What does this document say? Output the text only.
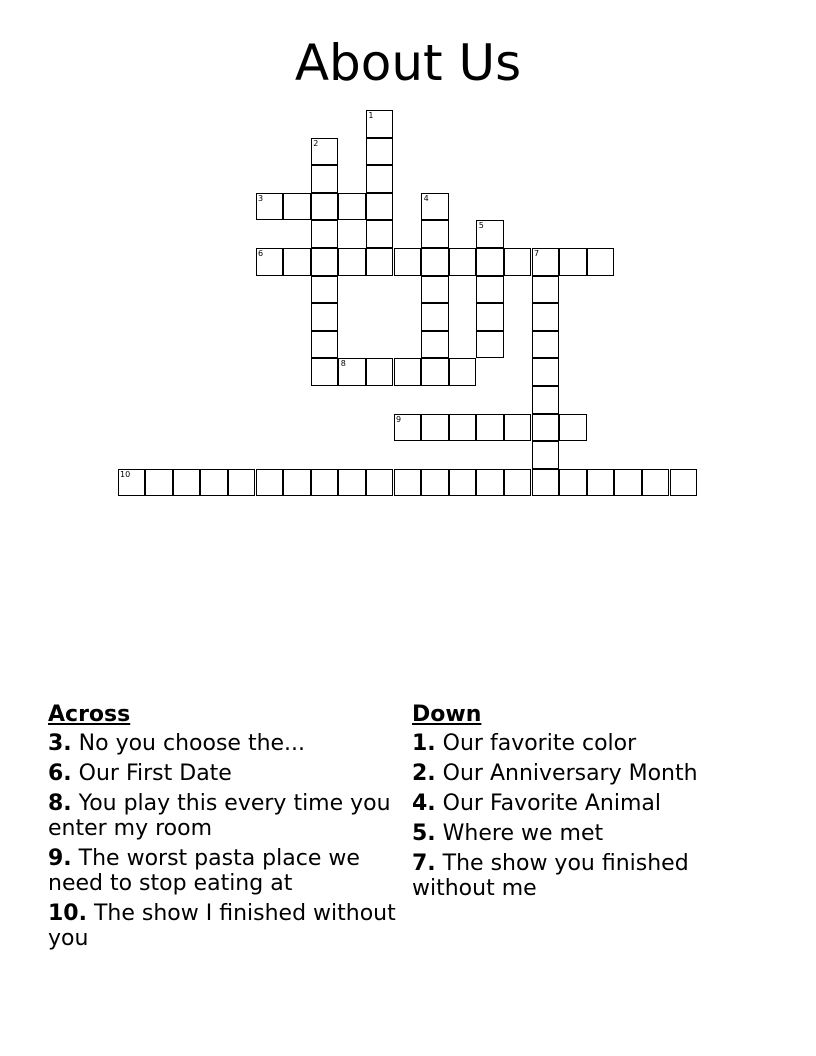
About Us
1
2
3	4
5
6	7
8
9
10
Across
3. No you choose the...
6. Our First Date
8. You play this every time you enter my room
9. The worst pasta place we need to stop eating at
10. The show I finished without you
Down
1. Our favorite color
2. Our Anniversary Month
4. Our Favorite Animal
5. Where we met
7. The show you finished without me
